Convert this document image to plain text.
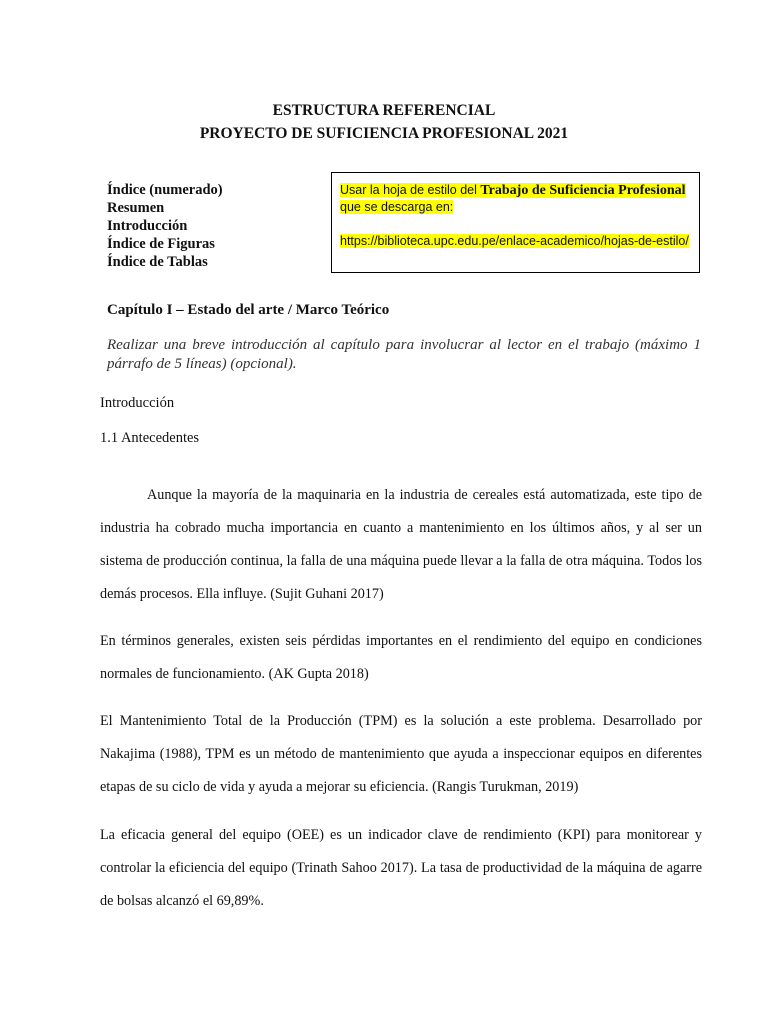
ESTRUCTURA REFERENCIAL
PROYECTO DE SUFICIENCIA PROFESIONAL 2021
Índice (numerado)
Resumen
Introducción
Índice de Figuras
Índice de Tablas
Usar la hoja de estilo del Trabajo de Suficiencia Profesional
que se descarga en:
https://biblioteca.upc.edu.pe/enlace-academico/hojas-de-estilo/
Capítulo I – Estado del arte / Marco Teórico
Realizar una breve introducción al capítulo para involucrar al lector en el trabajo (máximo 1 párrafo de 5 líneas) (opcional).
Introducción
1.1 Antecedentes
Aunque la mayoría de la maquinaria en la industria de cereales está automatizada, este tipo de industria ha cobrado mucha importancia en cuanto a mantenimiento en los últimos años, y al ser un sistema de producción continua, la falla de una máquina puede llevar a la falla de otra máquina. Todos los demás procesos. Ella influye. (Sujit Guhani 2017)
En términos generales, existen seis pérdidas importantes en el rendimiento del equipo en condiciones normales de funcionamiento. (AK Gupta 2018)
El Mantenimiento Total de la Producción (TPM) es la solución a este problema. Desarrollado por Nakajima (1988), TPM es un método de mantenimiento que ayuda a inspeccionar equipos en diferentes etapas de su ciclo de vida y ayuda a mejorar su eficiencia. (Rangis Turukman, 2019)
La eficacia general del equipo (OEE) es un indicador clave de rendimiento (KPI) para monitorear y controlar la eficiencia del equipo (Trinath Sahoo 2017). La tasa de productividad de la máquina de agarre de bolsas alcanzó el 69,89%.
